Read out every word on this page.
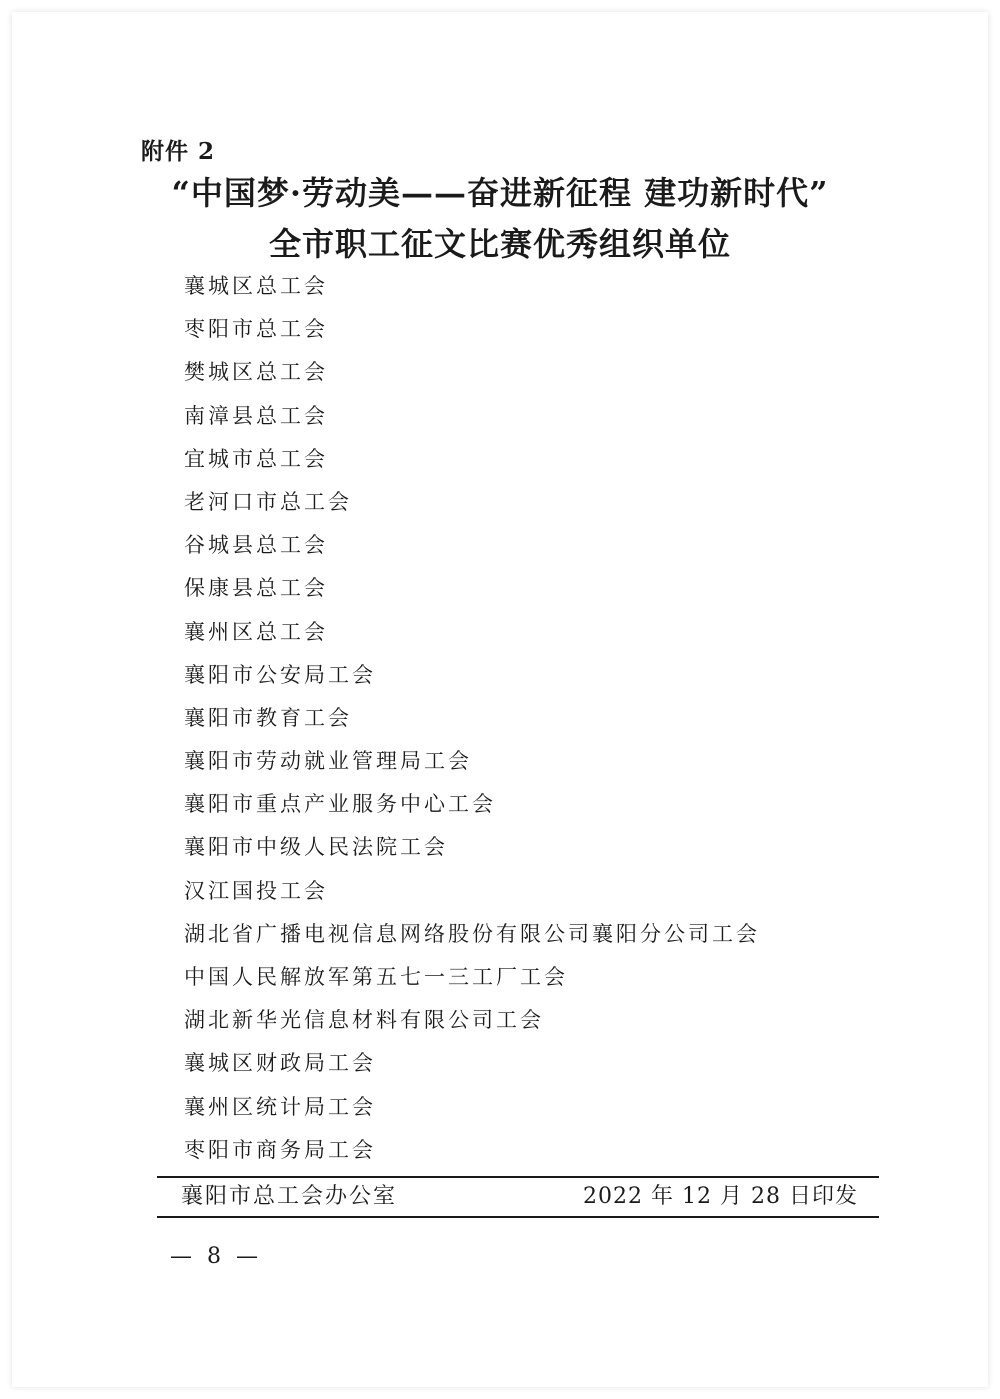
附件 2
“中国梦·劳动美——奋进新征程 建功新时代”
全市职工征文比赛优秀组织单位
襄城区总工会
枣阳市总工会
樊城区总工会
南漳县总工会
宜城市总工会
老河口市总工会
谷城县总工会
保康县总工会
襄州区总工会
襄阳市公安局工会
襄阳市教育工会
襄阳市劳动就业管理局工会
襄阳市重点产业服务中心工会
襄阳市中级人民法院工会
汉江国投工会
湖北省广播电视信息网络股份有限公司襄阳分公司工会
中国人民解放军第五七一三工厂工会
湖北新华光信息材料有限公司工会
襄城区财政局工会
襄州区统计局工会
枣阳市商务局工会
襄阳市总工会办公室	2022 年 12 月 28 日印发
— 8 —
